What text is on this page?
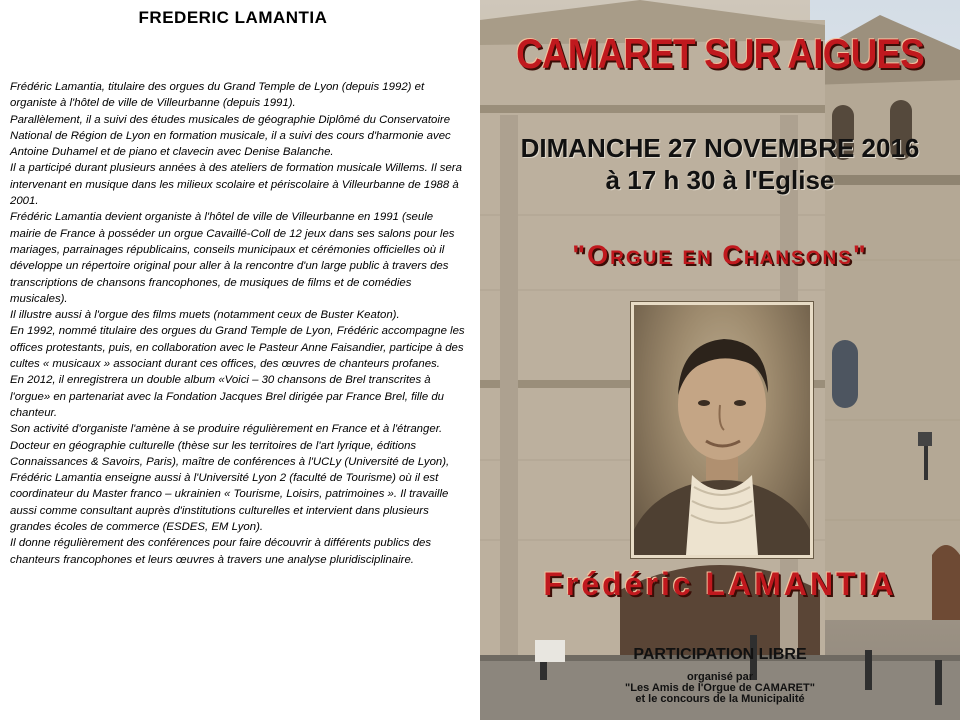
FREDERIC LAMANTIA

Frédéric Lamantia, titulaire des orgues du Grand Temple de Lyon (depuis 1992) et organiste à l'hôtel de ville de Villeurbanne (depuis 1991).

Parallèlement, il a suivi des études musicales de géographie Diplômé du Conservatoire National de Région de Lyon en formation musicale, il a suivi des cours d'harmonie avec Antoine Duhamel et de piano et clavecin avec Denise Balanche.

Il a participé durant plusieurs années à des ateliers de formation musicale Willems. Il sera intervenant en musique dans les milieux scolaire et périscolaire à Villeurbanne de 1988 à 2001.

Frédéric Lamantia devient organiste à l'hôtel de ville de Villeurbanne en 1991 (seule mairie de France à posséder un orgue Cavaillé-Coll de 12 jeux dans ses salons pour les mariages, parrainages républicains, conseils municipaux et cérémonies officielles où il développe un répertoire original pour aller à la rencontre d'un large public à travers des transcriptions de chansons francophones, de musiques de films et de comédies musicales).

Il illustre aussi à l'orgue des films muets (notamment ceux de Buster Keaton).

En 1992, nommé titulaire des orgues du Grand Temple de Lyon, Frédéric accompagne les offices protestants, puis, en collaboration avec le Pasteur Anne Faisandier, participe à des cultes « musicaux » associant durant ces offices, des œuvres de chanteurs profanes.

En 2012, il enregistrera un double album «Voici – 30 chansons de Brel transcrites à l'orgue» en partenariat avec la Fondation Jacques Brel dirigée par France Brel, fille du chanteur.

Son activité d'organiste l'amène à se produire régulièrement en France et à l'étranger. Docteur en géographie culturelle (thèse sur les territoires de l'art lyrique, éditions Connaissances & Savoirs, Paris), maître de conférences à l'UCLy (Université de Lyon),

Frédéric Lamantia enseigne aussi à l'Université Lyon 2 (faculté de Tourisme) où il est coordinateur du Master franco – ukrainien « Tourisme, Loisirs, patrimoines ». Il travaille aussi comme consultant auprès d'institutions culturelles et intervient dans plusieurs grandes écoles de commerce (ESDES, EM Lyon).

Il donne régulièrement des conférences pour faire découvrir à différents publics des chanteurs francophones et leurs œuvres à travers une analyse pluridisciplinaire.

CAMARET SUR AIGUES
DIMANCHE 27 NOVEMBRE 2016
à 17 h 30 à l'Eglise
"Orgue en Chansons"
Frédéric LAMANTIA
PARTICIPATION LIBRE
organisé par
"Les Amis de l'Orgue de CAMARET"
et le concours de la Municipalité
